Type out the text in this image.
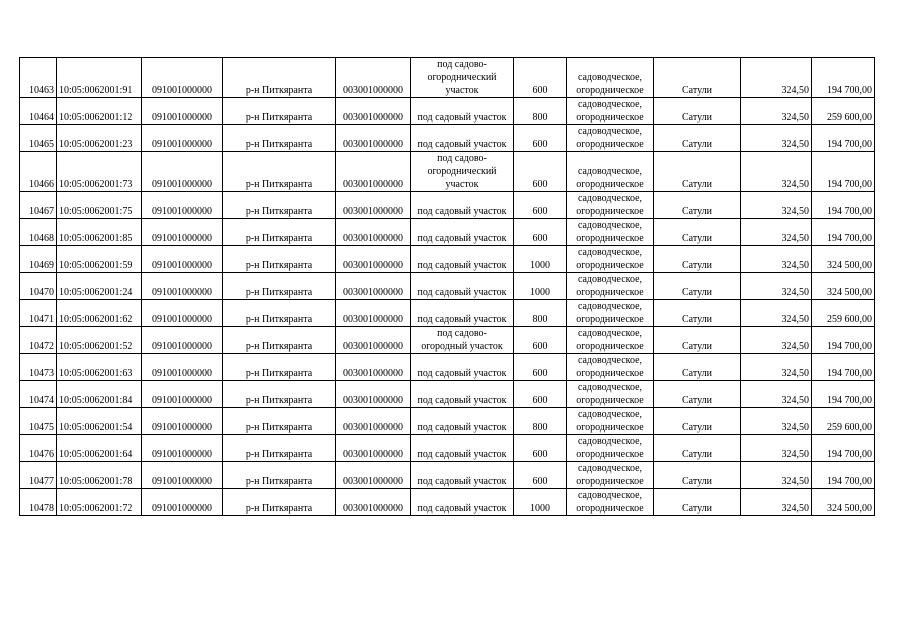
10463	10:05:0062001:91	091001000000	р-н Питкяранта	003001000000	под садово-
огороднический
участок	600	садоводческое,
огородническое	Сатули	324,50	194 700,00
10464	10:05:0062001:12	091001000000	р-н Питкяранта	003001000000	под садовый участок	800	садоводческое,
огородническое	Сатули	324,50	259 600,00
10465	10:05:0062001:23	091001000000	р-н Питкяранта	003001000000	под садовый участок	600	садоводческое,
огородническое	Сатули	324,50	194 700,00
10466	10:05:0062001:73	091001000000	р-н Питкяранта	003001000000	под садово-
огороднический
участок	600	садоводческое,
огородническое	Сатули	324,50	194 700,00
10467	10:05:0062001:75	091001000000	р-н Питкяранта	003001000000	под садовый участок	600	садоводческое,
огородническое	Сатули	324,50	194 700,00
10468	10:05:0062001:85	091001000000	р-н Питкяранта	003001000000	под садовый участок	600	садоводческое,
огородническое	Сатули	324,50	194 700,00
10469	10:05:0062001:59	091001000000	р-н Питкяранта	003001000000	под садовый участок	1000	садоводческое,
огородническое	Сатули	324,50	324 500,00
10470	10:05:0062001:24	091001000000	р-н Питкяранта	003001000000	под садовый участок	1000	садоводческое,
огородническое	Сатули	324,50	324 500,00
10471	10:05:0062001:62	091001000000	р-н Питкяранта	003001000000	под садовый участок	800	садоводческое,
огородническое	Сатули	324,50	259 600,00
10472	10:05:0062001:52	091001000000	р-н Питкяранта	003001000000	под садово-
огородный участок	600	садоводческое,
огородническое	Сатули	324,50	194 700,00
10473	10:05:0062001:63	091001000000	р-н Питкяранта	003001000000	под садовый участок	600	садоводческое,
огородническое	Сатули	324,50	194 700,00
10474	10:05:0062001:84	091001000000	р-н Питкяранта	003001000000	под садовый участок	600	садоводческое,
огородническое	Сатули	324,50	194 700,00
10475	10:05:0062001:54	091001000000	р-н Питкяранта	003001000000	под садовый участок	800	садоводческое,
огородническое	Сатули	324,50	259 600,00
10476	10:05:0062001:64	091001000000	р-н Питкяранта	003001000000	под садовый участок	600	садоводческое,
огородническое	Сатули	324,50	194 700,00
10477	10:05:0062001:78	091001000000	р-н Питкяранта	003001000000	под садовый участок	600	садоводческое,
огородническое	Сатули	324,50	194 700,00
10478	10:05:0062001:72	091001000000	р-н Питкяранта	003001000000	под садовый участок	1000	садоводческое,
огородническое	Сатули	324,50	324 500,00
